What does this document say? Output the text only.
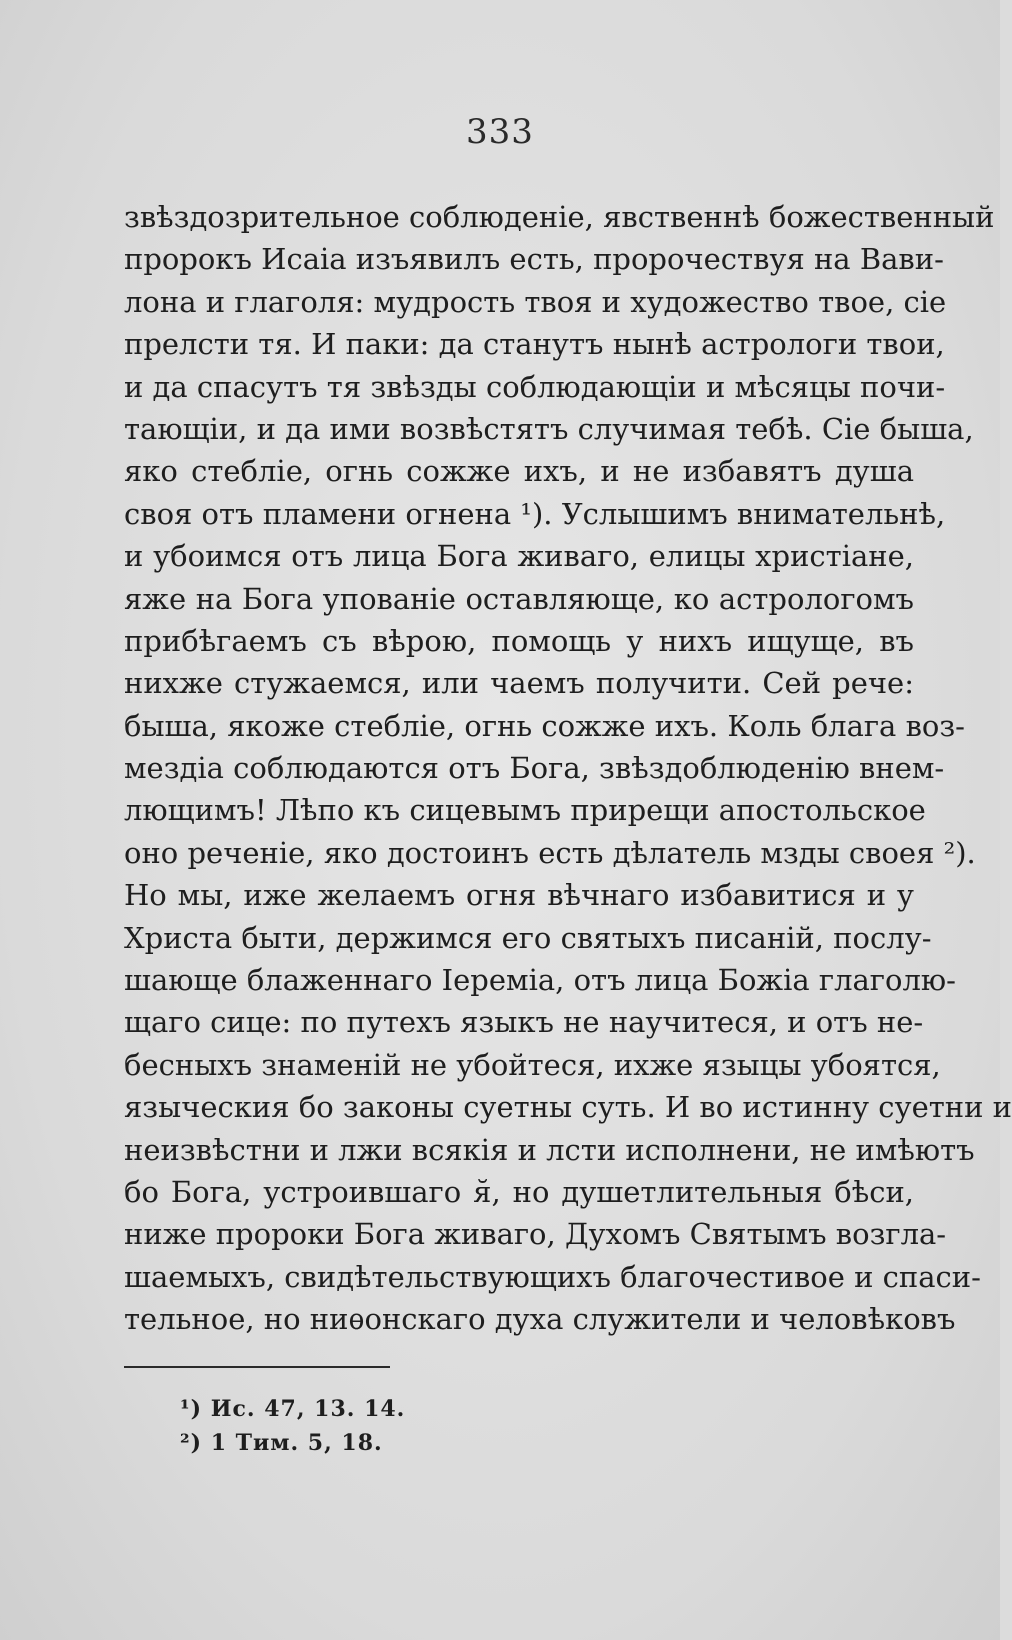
333
звѣздозрительное соблюденіе, явственнѣ божественный
пророкъ Исаіа изъявилъ есть, пророчествуя на Вави-
лона и глаголя: мудрость твоя и художество твое, сіе
прелсти тя. И паки: да станутъ нынѣ астрологи твои,
и да спасутъ тя звѣзды соблюдающіи и мѣсяцы почи-
тающіи, и да ими возвѣстятъ случимая тебѣ. Сіе быша,
яко стебліе, огнь сожже ихъ, и не избавятъ душа
своя отъ пламени огнена ¹). Услышимъ внимательнѣ,
и убоимся отъ лица Бога живаго, елицы христіане,
яже на Бога упованіе оставляюще, ко астрологомъ
прибѣгаемъ съ вѣрою, помощь у нихъ ищуще, въ
нихже стужаемся, или чаемъ получити. Сей рече:
быша, якоже стебліе, огнь сожже ихъ. Коль блага воз-
мездіа соблюдаются отъ Бога, звѣздоблюденію внем-
лющимъ! Лѣпо къ сицевымъ прирещи апостольское
оно реченіе, яко достоинъ есть дѣлатель мзды своея ²).
Но мы, иже желаемъ огня вѣчнаго избавитися и у
Христа быти, держимся его святыхъ писаній, послу-
шающе блаженнаго Іеремiа, отъ лица Божіа глаголю-
щаго сице: по путехъ языкъ не научитеся, и отъ не-
бесныхъ знаменій не убойтеся, ихже языцы убоятся,
языческия бо законы суетны суть. И во истинну суетни и
неизвѣстни и лжи всякія и лсти исполнени, не имѣютъ
бо Бога, устроившаго я̆, но душетлительныя бѣси,
ниже пророки Бога живаго, Духомъ Святымъ возгла-
шаемыхъ, свидѣтельствующихъ благочестивое и спаси-
тельное, но ниѳонскаго духа служители и человѣковъ
¹) Ис. 47, 13. 14.
²) 1 Тим. 5, 18.
